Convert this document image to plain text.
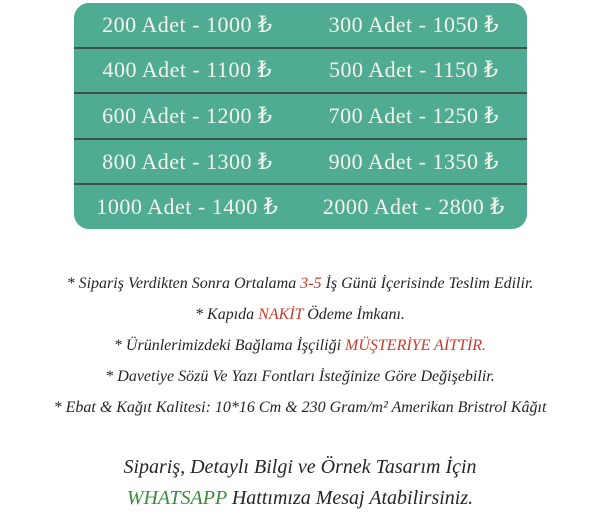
200 Adet - 1000 ₺	300 Adet - 1050 ₺
400 Adet - 1100 ₺	500 Adet - 1150 ₺
600 Adet - 1200 ₺	700 Adet - 1250 ₺
800 Adet - 1300 ₺	900 Adet - 1350 ₺
1000 Adet - 1400 ₺	2000 Adet - 2800 ₺
* Sipariş Verdikten Sonra Ortalama 3-5 İş Günü İçerisinde Teslim Edilir.
* Kapıda NAKİT Ödeme İmkanı.
* Ürünlerimizdeki Bağlama İşçiliği MÜŞTERİYE AİTTİR.
* Davetiye Sözü Ve Yazı Fontları İsteğinize Göre Değişebilir.
* Ebat & Kağıt Kalitesi: 10*16 Cm & 230 Gram/m² Amerikan Bristrol Kâğıt
Sipariş, Detaylı Bilgi ve Örnek Tasarım İçin
WHATSAPP Hattımıza Mesaj Atabilirsiniz.
